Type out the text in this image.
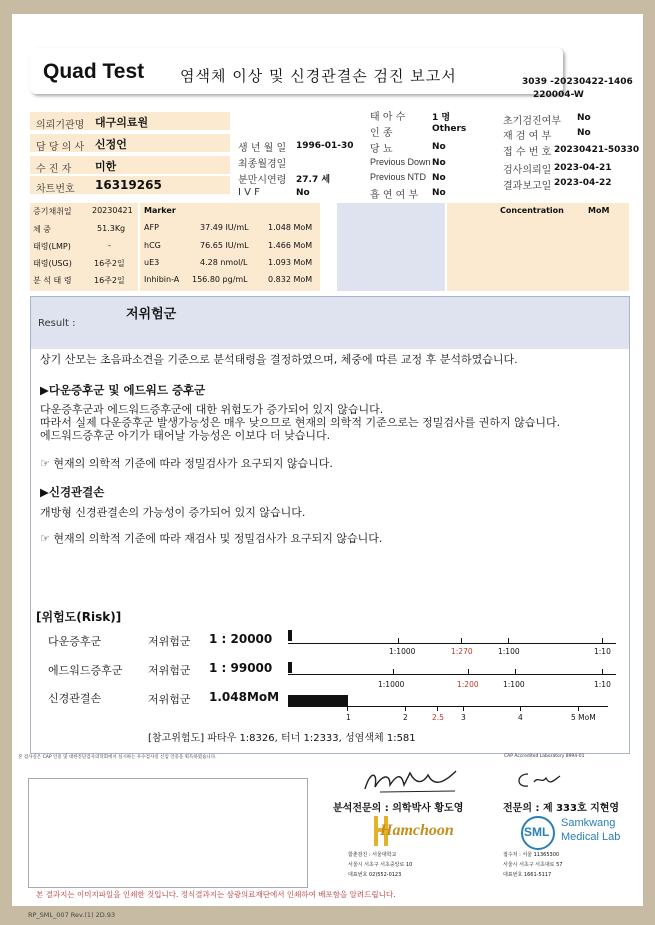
SML
Quad Test 염색체 이상 및 신경관결손 검진 보고서	3039 -20230422-1406
220004-W
의뢰기관명 대구의료원
담 당 의 사 신정언
수 진 자 미한
차트번호 16319265
생 년 월 일 1996-01-30
최종월경일
분만시연령 27.7 세
I V F	No
태 아 수	1 명
인 종	Others
당 뇨	No
Previous Down No
Previous NTD No
흡 연 여 부 No
초기검진여부 No
재 검 여 부	No
접 수 번 호 20230421-50330
검사의뢰일 2023-04-21
결과보고일 2023-04-22
증기채취일	20230421
체 중	51.3Kg
태령(LMP)	-
태령(USG)	16주2일
분 석 태 령	16주2일
Marker
AFP	37.49 IU/mL 1.048 MoM
hCG	76.65 IU/mL 1.466 MoM
uE3	4.28 nmol/L	1.093 MoM
Inhibin-A 156.80 pg/mL	0.832 MoM
Concentration	MoM
Result :
저위험군
상기 산모는 초음파소견을 기준으로 분석태령을 결정하였으며, 체중에 따른 교정 후 분석하였습니다.
▶다운증후군 및 에드워드 증후군
다운증후군과 에드워드증후군에 대한 위험도가 증가되어 있지 않습니다.
따라서 실제 다운증후군 발생가능성은 매우 낮으므로 현재의 의학적 기준으로는 정밀검사를 권하지 않습니다.
에드워드증후군 아기가 태어날 가능성은 이보다 더 낮습니다.
☞ 현재의 의학적 기준에 따라 정밀검사가 요구되지 않습니다.
▶신경관결손
개방형 신경관결손의 가능성이 증가되어 있지 않습니다.
☞ 현재의 의학적 기준에 따라 재검사 및 정밀검사가 요구되지 않습니다.
[위험도(Risk)]
다운증후군	저위험군 1 : 20000
에드워드증후군 저위험군 1 : 99000
신경관결손	저위험군 1.048MoM
1:1000	1:270	1:100	1:10
1:1000	1:200	1:100	1:10
1	2	2.5 3	4	5 MoM
[참고위험도] 파타우 1:8326, 터너 1:2333, 성염색체 1:581
본 검사실은 CAP 인증 및 대한진단검사의학회에서 실시하는 우수검사실 신임 인증을 획득하였습니다.	CAP Accredited Laboratory 8994-01
분석전문의 : 의학박사 황도영	전문의 : 제 333호 지현영
Hamchoon	SML
Samkwang
Medical Lab
함춘검진 : 서울대학교
서울시 서초구 서초중앙로 10
대표번호 02)552-0123
접수처 : 서울 11365300
서울시 서초구 서초대로 57
대표번호 1661-5117
본 결과지는 이미지파일을 인쇄한 것입니다. 정식결과지는 삼광의료재단에서 인쇄하여 배포함을 알려드립니다.
RP_SML_007 Rev.(1) 2D.93
